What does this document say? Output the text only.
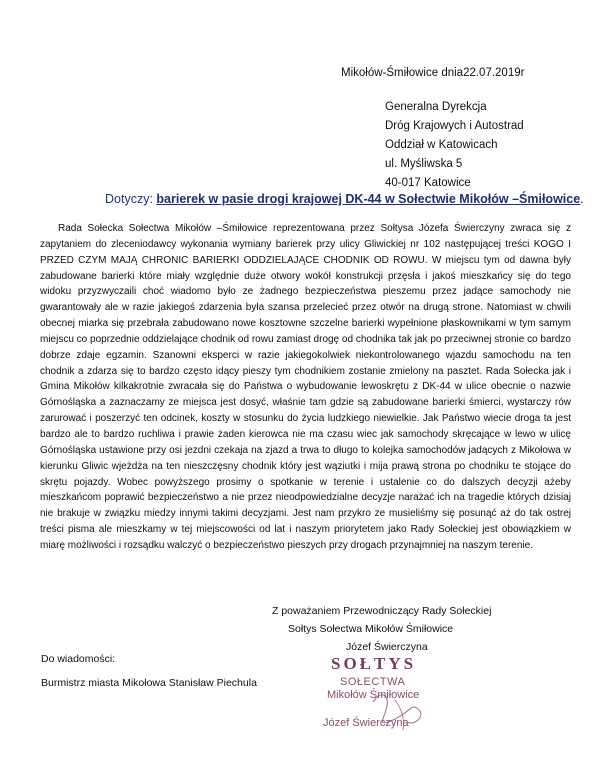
Mikołów-Śmiłowice dnia22.07.2019r
Generalna Dyrekcja
Dróg Krajowych i Autostrad
Oddział w Katowicach
ul. Myśliwska 5
40-017 Katowice
Dotyczy: barierek w pasie drogi krajowej DK-44 w Sołectwie Mikołów –Śmiłowice.

Rada Sołecka Sołectwa Mikołów –Śmiłowice reprezentowana przez Sołtysa Józefa Świerczyny zwraca się z zapytaniem do zleceniodawcy wykonania wymiany barierek przy ulicy Gliwickiej nr 102 następującej treści KOGO I PRZED CZYM MAJĄ CHRONIC BARIERKI ODDZIELAJĄCE CHODNIK OD ROWU. W miejscu tym od dawna były zabudowane barierki które miały względnie duże otwory wokół konstrukcji przęsła i jakoś mieszkańcy się do tego widoku przyzwyczaili choć wiadomo było ze żadnego bezpieczeństwa pieszemu przez jadące samochody nie gwarantowały ale w razie jakiegoś zdarzenia była szansa przelecieć przez otwór na drugą strone. Natomiast w chwili obecnej miarka się przebrała zabudowano nowe kosztowne szczelne barierki wypełnione płaskownikami w tym samym miejscu co poprzednie oddzielające chodnik od rowu zamiast drogę od chodnika tak jak po przeciwnej stronie co bardzo dobrze zdaje egzamin. Szanowni eksperci w razie jakiegokolwiek niekontrolowanego wjazdu samochodu na ten chodnik a zdarza się to bardzo często idący pieszy tym chodnikiem zostanie zmielony na pasztet. Rada Sołecka jak i Gmina Mikołów kilkakrotnie zwracała się do Państwa o wybudowanie lewoskrętu z DK-44 w ulice obecnie o nazwie Górnośląska a zaznaczamy ze miejsca jest dosyć, właśnie tam gdzie są zabudowane barierki śmierci, wystarczy rów zarurować i poszerzyć ten odcinek, koszty w stosunku do życia ludzkiego niewielkie. Jak Państwo wiecie droga ta jest bardzo ale to bardzo ruchliwa i prawie żaden kierowca nie ma czasu wiec jak samochody skręcające w lewo w ulicę Górnośląska ustawione przy osi jezdni czekaja na zjazd a trwa to długo to kolejka samochodów jadących z Mikołowa w kierunku Gliwic wjeżdża na ten nieszczęsny chodnik który jest wąziutki i mija prawą strona po chodniku te stojące do skrętu pojazdy. Wobec powyższego prosimy o spotkanie w terenie i ustalenie co do dalszych decyzji ażeby mieszkańcom poprawić bezpieczeństwo a nie przez nieodpowiedzialne decyzje narażać ich na tragedie których dzisiaj nie brakuje w związku miedzy innymi takimi decyzjami. Jest nam przykro ze musieliśmy się posunąć aż do tak ostrej treści pisma ale mieszkamy w tej miejscowości od lat i naszym priorytetem jako Rady Sołeckiej jest obowiązkiem w miarę możliwości i rozsądku walczyć o bezpieczeństwo pieszych przy drogach przynajmniej na naszym terenie.

Z poważaniem Przewodniczący Rady Sołeckiej
Sołtys Sołectwa Mikołów Śmiłowice
Józef Świerczyna
Do wiadomości:
Burmistrz miasta Mikołowa Stanisław Piechula
SOŁTYS
SOŁECTWA
Mikołów Śmiłowice
Józef Świerczyna
